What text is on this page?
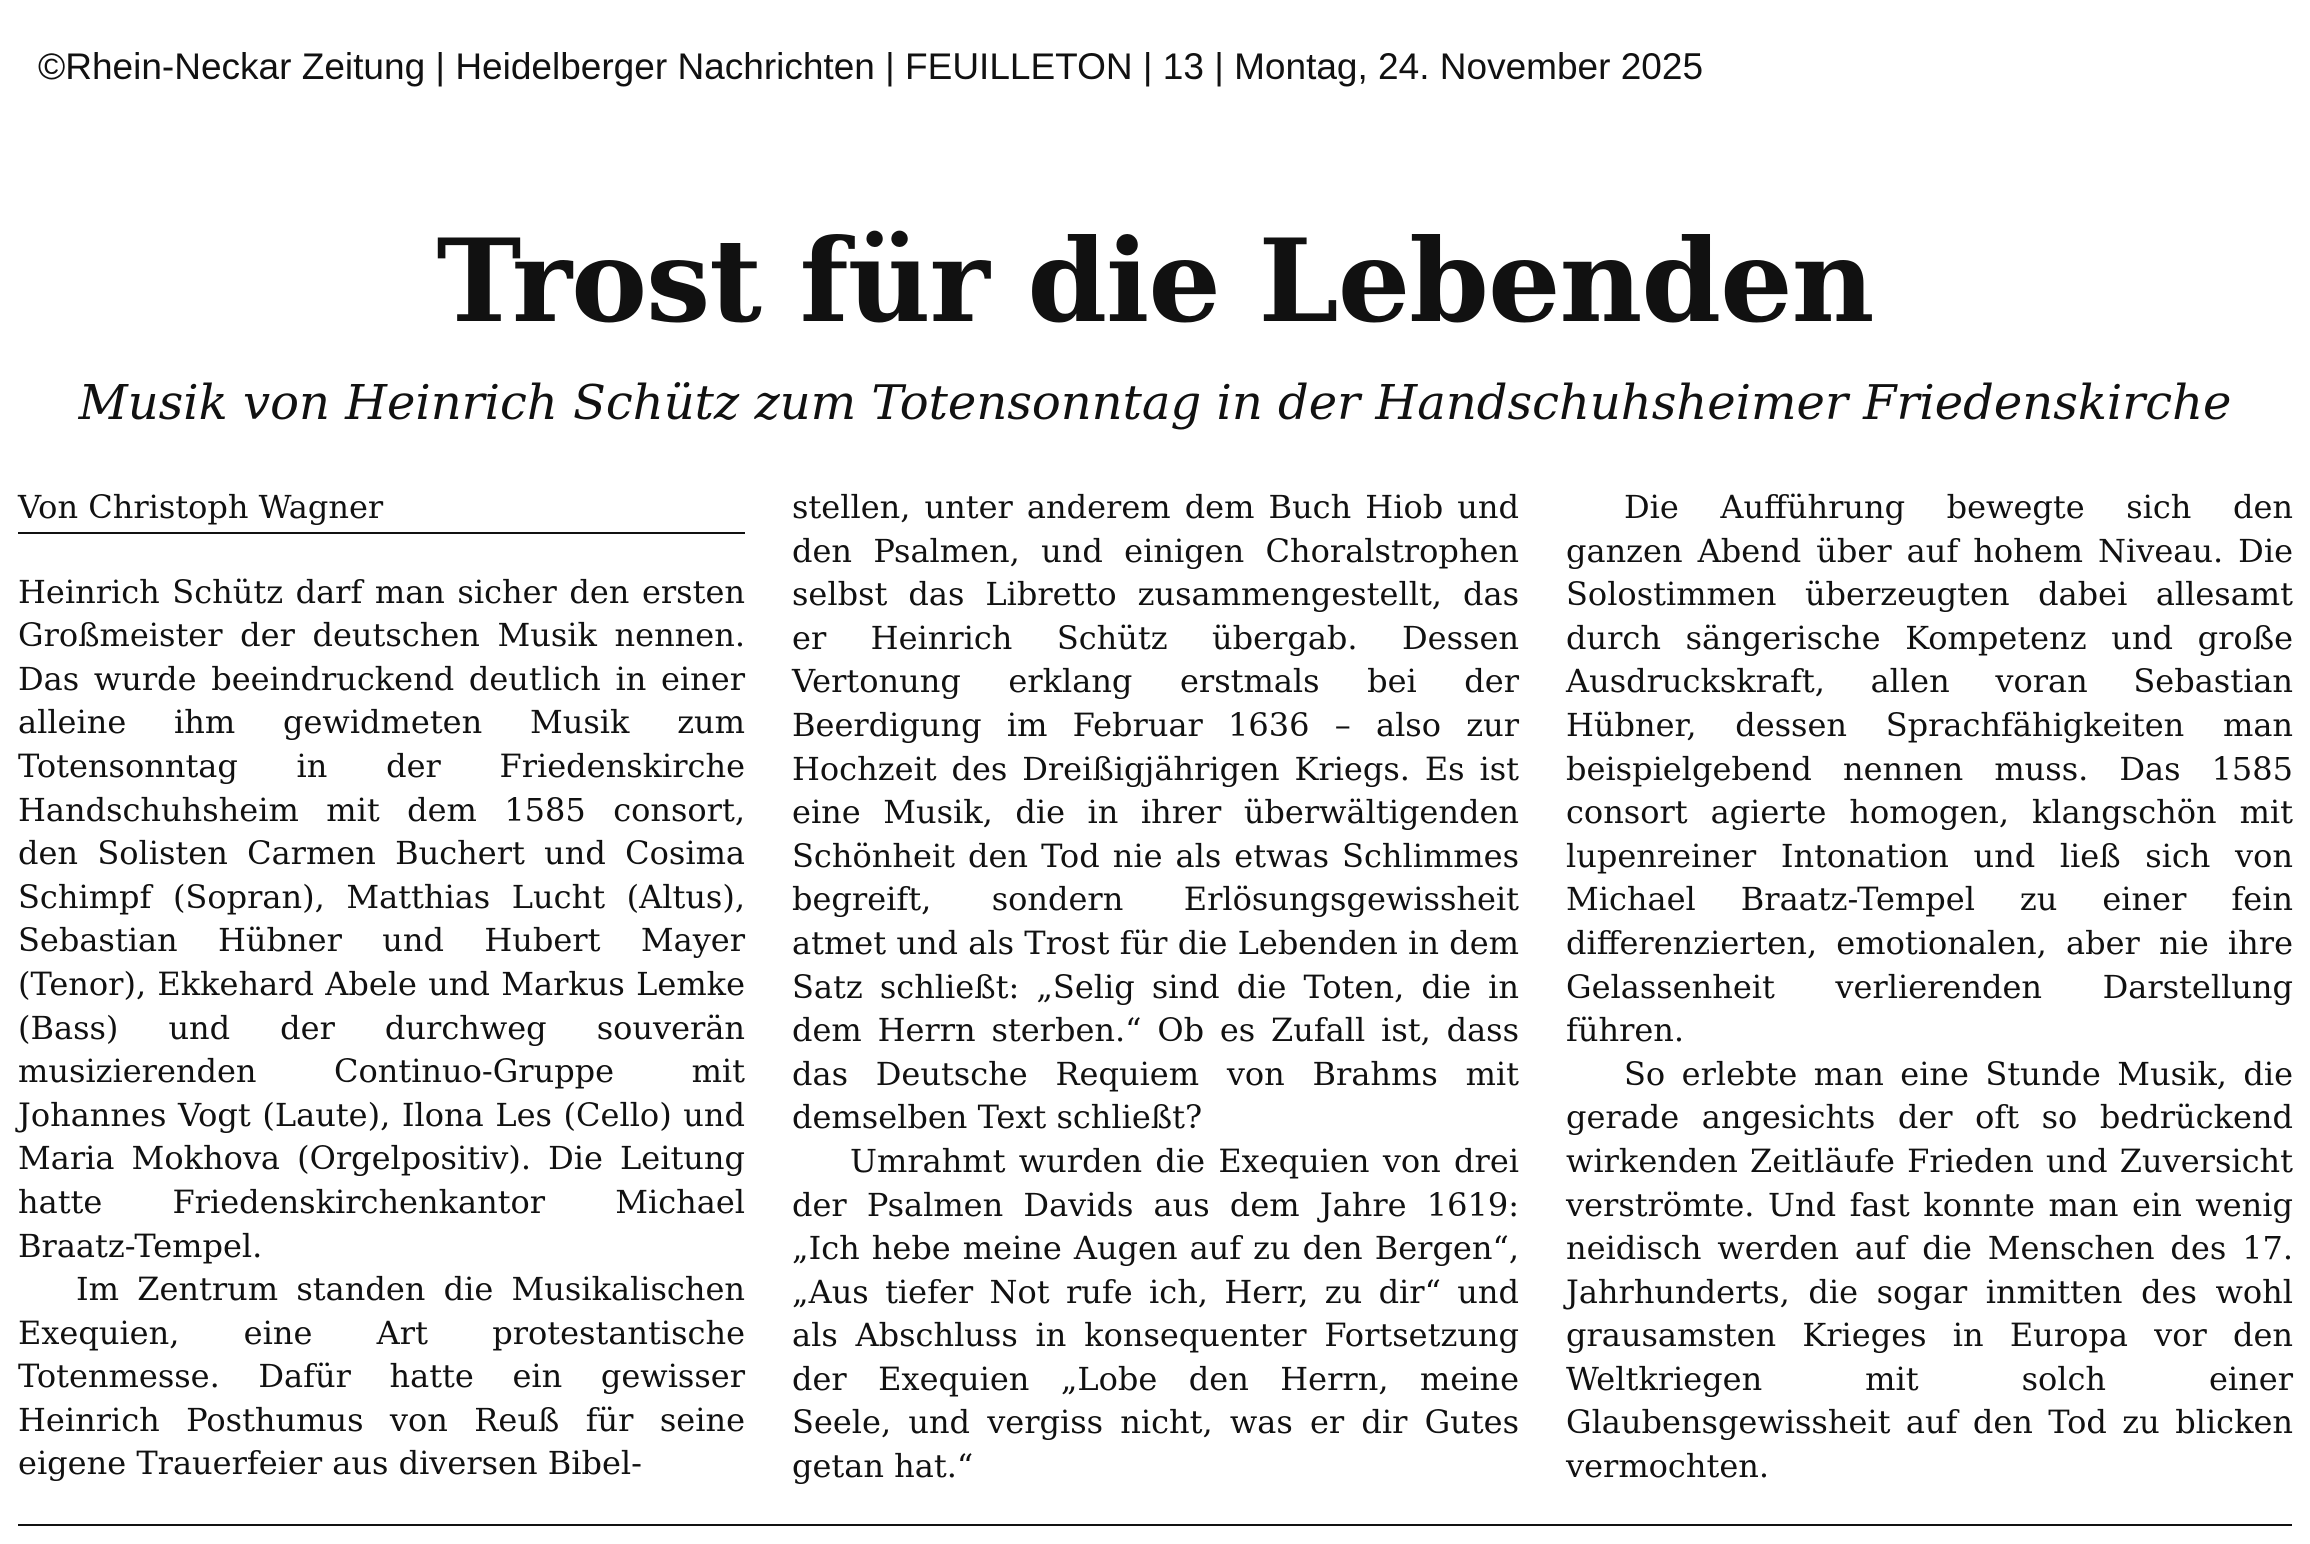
©Rhein-Neckar Zeitung | Heidelberger Nachrichten | FEUILLETON | 13 | Montag, 24. November 2025
Trost für die Lebenden
Musik von Heinrich Schütz zum Totensonntag in der Handschuhsheimer Friedenskirche
Von Christoph Wagner

Heinrich Schütz darf man sicher den ersten Großmeister der deutschen Musik nennen. Das wurde beeindruckend deutlich in einer alleine ihm gewidmeten Musik zum Totensonntag in der Friedenskirche Handschuhsheim mit dem 1585 consort, den Solisten Carmen Buchert und Cosima Schimpf (Sopran), Matthias Lucht (Altus), Sebastian Hübner und Hubert Mayer (Tenor), Ekkehard Abele und Markus Lemke (Bass) und der durchweg souverän musizierenden Continuo-Gruppe mit Johannes Vogt (Laute), Ilona Les (Cello) und Maria Mokhova (Orgelpositiv). Die Leitung hatte Friedenskirchenkantor Michael Braatz-Tempel.

Im Zentrum standen die Musikalischen Exequien, eine Art protestantische Totenmesse. Dafür hatte ein gewisser Heinrich Posthumus von Reuß für seine eigene Trauerfeier aus diversen Bibel-

stellen, unter anderem dem Buch Hiob und den Psalmen, und einigen Choralstrophen selbst das Libretto zusammengestellt, das er Heinrich Schütz übergab. Dessen Vertonung erklang erstmals bei der Beerdigung im Februar 1636 – also zur Hochzeit des Dreißigjährigen Kriegs. Es ist eine Musik, die in ihrer überwältigenden Schönheit den Tod nie als etwas Schlimmes begreift, sondern Erlösungsgewissheit atmet und als Trost für die Lebenden in dem Satz schließt: „Selig sind die Toten, die in dem Herrn sterben.“ Ob es Zufall ist, dass das Deutsche Requiem von Brahms mit demselben Text schließt?

Umrahmt wurden die Exequien von drei der Psalmen Davids aus dem Jahre 1619: „Ich hebe meine Augen auf zu den Bergen“, „Aus tiefer Not rufe ich, Herr, zu dir“ und als Abschluss in konsequenter Fortsetzung der Exequien „Lobe den Herrn, meine Seele, und vergiss nicht, was er dir Gutes getan hat.“

Die Aufführung bewegte sich den ganzen Abend über auf hohem Niveau. Die Solostimmen überzeugten dabei allesamt durch sängerische Kompetenz und große Ausdruckskraft, allen voran Sebastian Hübner, dessen Sprachfähigkeiten man beispielgebend nennen muss. Das 1585 consort agierte homogen, klangschön mit lupenreiner Intonation und ließ sich von Michael Braatz-Tempel zu einer fein differenzierten, emotionalen, aber nie ihre Gelassenheit verlierenden Darstellung führen.

So erlebte man eine Stunde Musik, die gerade angesichts der oft so bedrückend wirkenden Zeitläufe Frieden und Zuversicht verströmte. Und fast konnte man ein wenig neidisch werden auf die Menschen des 17. Jahrhunderts, die sogar inmitten des wohl grausamsten Krieges in Europa vor den Weltkriegen mit solch einer Glaubensgewissheit auf den Tod zu blicken vermochten.
